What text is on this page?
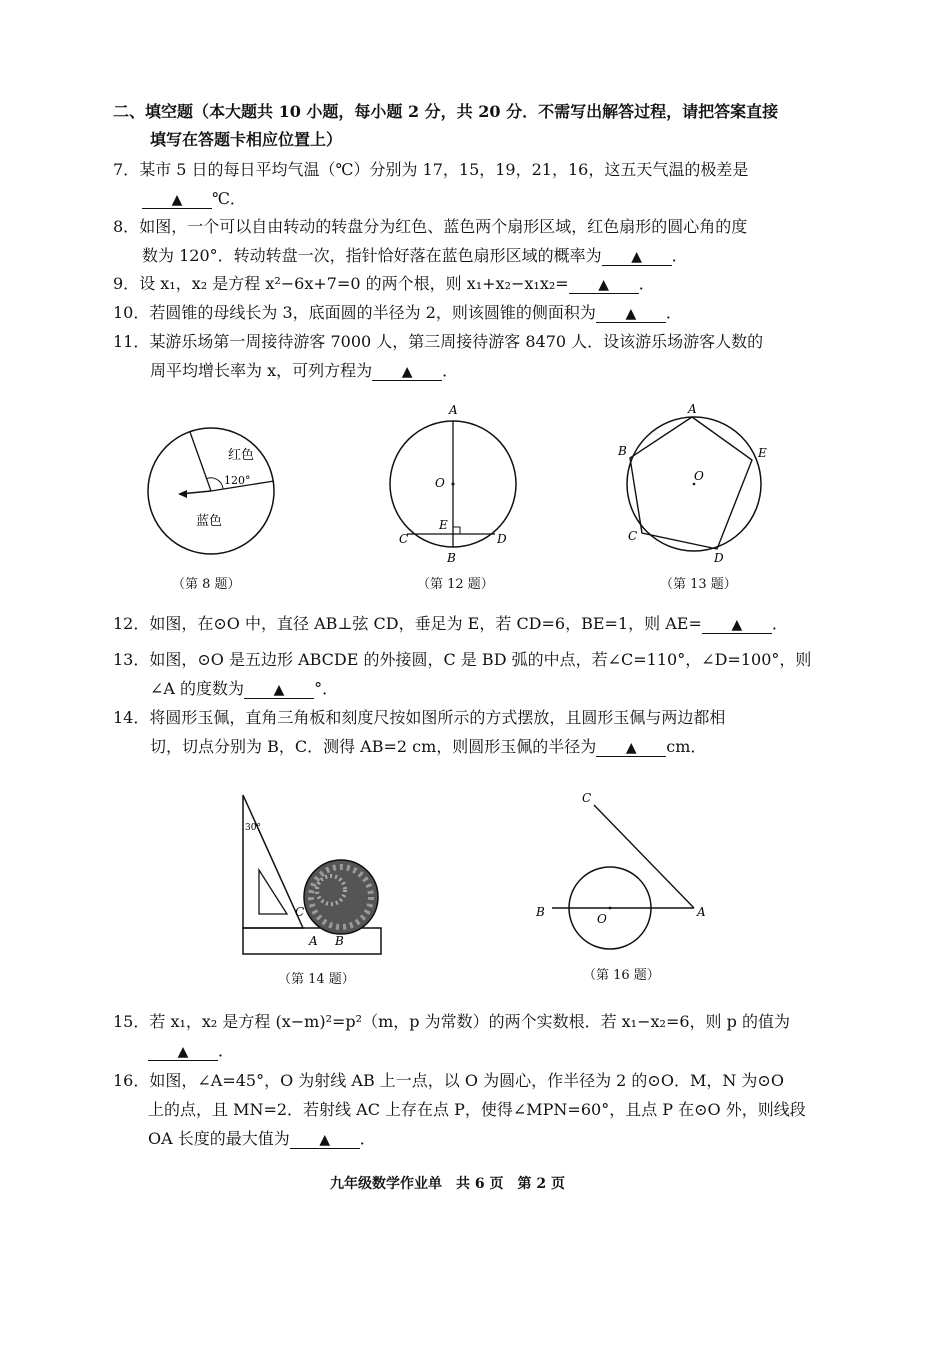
二、填空题（本大题共 10 小题，每小题 2 分，共 20 分．不需写出解答过程，请把答案直接
填写在答题卡相应位置上）
7．某市 5 日的每日平均气温（℃）分别为 17，15，19，21，16，这五天气温的极差是
▲ ℃．
8．如图，一个可以自由转动的转盘分为红色、蓝色两个扇形区域，红色扇形的圆心角的度
数为 120°．转动转盘一次，指针恰好落在蓝色扇形区域的概率为 ▲ ．
9．设 x₁，x₂ 是方程 x²−6x+7=0 的两个根，则 x₁+x₂−x₁x₂= ▲ ．
10．若圆锥的母线长为 3，底面圆的半径为 2，则该圆锥的侧面积为 ▲ ．
11．某游乐场第一周接待游客 7000 人，第三周接待游客 8470 人．设该游乐场游客人数的
周平均增长率为 x，可列方程为 ▲ ．
红色
120°
蓝色
（第 8 题）
A
O
E
C	D
B
（第 12 题）
A
B	E
O
C
D
（第 13 题）
12．如图，在⊙O 中，直径 AB⊥弦 CD，垂足为 E，若 CD=6，BE=1，则 AE= ▲ ．
13．如图，⊙O 是五边形 ABCDE 的外接圆，C 是 BD 弧的中点，若∠C=110°，∠D=100°，则
∠A 的度数为 ▲ °．
14．将圆形玉佩，直角三角板和刻度尺按如图所示的方式摆放，且圆形玉佩与两边都相
切，切点分别为 B，C．测得 AB=2 cm，则圆形玉佩的半径为 ▲ cm．
30°
C
A B
（第 14 题）
C
B	O	A
（第 16 题）
15．若 x₁，x₂ 是方程 (x−m)²=p²（m，p 为常数）的两个实数根．若 x₁−x₂=6，则 p 的值为
▲ ．
16．如图，∠A=45°，O 为射线 AB 上一点，以 O 为圆心，作半径为 2 的⊙O．M，N 为⊙O
上的点，且 MN=2．若射线 AC 上存在点 P，使得∠MPN=60°，且点 P 在⊙O 外，则线段
OA 长度的最大值为 ▲ ．
九年级数学作业单　共 6 页　第 2 页
